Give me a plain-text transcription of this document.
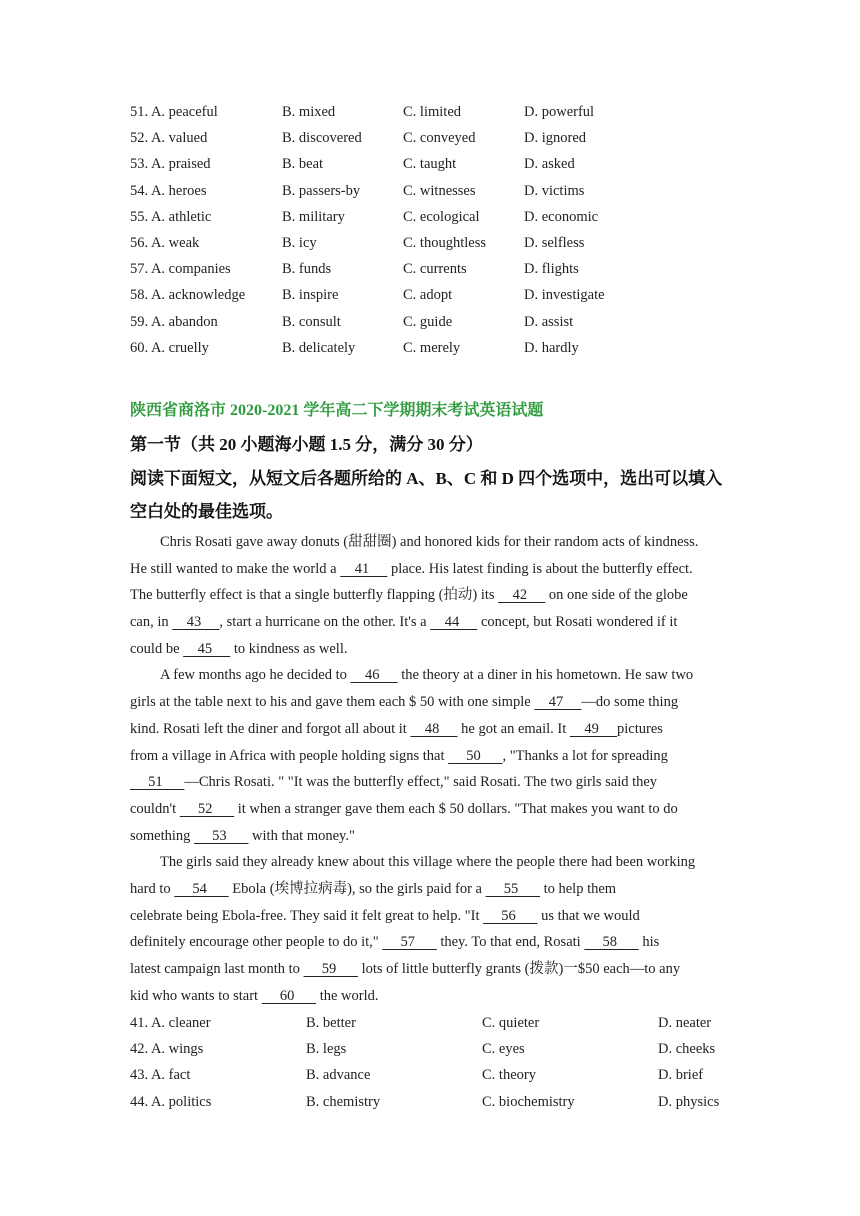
51. A. peaceful	B. mixed	C. limited	D. powerful
52. A. valued	B. discovered	C. conveyed	D. ignored
53. A. praised	B. beat	C. taught	D. asked
54. A. heroes	B. passers-by	C. witnesses	D. victims
55. A. athletic	B. military	C. ecological	D. economic
56. A. weak	B. icy	C. thoughtless	D. selfless
57. A. companies	B. funds	C. currents	D. flights
58. A. acknowledge	B. inspire	C. adopt	D. investigate
59. A. abandon	B. consult	C. guide	D. assist
60. A. cruelly	B. delicately	C. merely	D. hardly
陕西省商洛市 2020-2021 学年高二下学期期末考试英语试题
第一节（共 20 小题海小题 1.5 分，满分 30 分）
阅读下面短文，从短文后各题所给的 A、B、C 和 D 四个选项中，选出可以填入
空白处的最佳选项。
Chris Rosati gave away donuts (甜甜圈) and honored kids for their random acts of kindness.
He still wanted to make the world a     41      place. His latest finding is about the butterfly effect.
The butterfly effect is that a single butterfly flapping (拍动) its     42      on one side of the globe
can, in     43     , start a hurricane on the other. It's a     44      concept, but Rosati wondered if it
could be     45      to kindness as well.
A few months ago he decided to     46      the theory at a diner in his hometown. He saw two
girls at the table next to his and gave them each $ 50 with one simple     47     —do some thing
kind. Rosati left the diner and forgot all about it     48      he got an email. It     49     pictures
from a village in Africa with people holding signs that      50      , "Thanks a lot for spreading
51      —Chris Rosati. " "It was the butterfly effect," said Rosati. The two girls said they
couldn't      52       it when a stranger gave them each $ 50 dollars. "That makes you want to do
something      53       with that money."
The girls said they already knew about this village where the people there had been working
hard to      54       Ebola (埃博拉病毒), so the girls paid for a      55       to help them
celebrate being Ebola-free. They said it felt great to help. "It      56       us that we would
definitely encourage other people to do it,"      57       they. To that end, Rosati      58       his
latest campaign last month to      59       lots of little butterfly grants (拨款)一$50 each—to any
kid who wants to start      60       the world.
41. A. cleaner	B. better	C. quieter	D. neater
42. A. wings	B. legs	C. eyes	D. cheeks
43. A. fact	B. advance	C. theory	D. brief
44. A. politics	B. chemistry	C. biochemistry	D. physics
